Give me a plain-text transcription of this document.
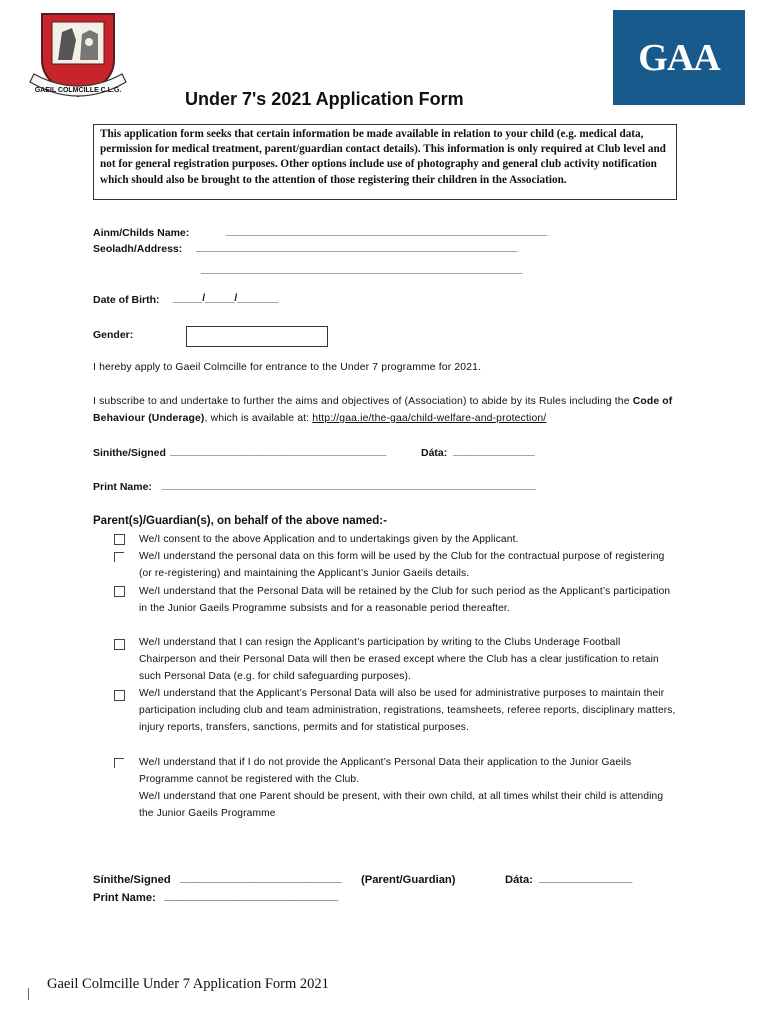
GAEIL COLMCILLE C.L.G.
GAA
Under 7's 2021 Application Form
This application form seeks that certain information be made available in relation to your child (e.g. medical data, permission for medical treatment, parent/guardian contact details). This information is only required at Club level and not for general registration purposes. Other options include use of photography and general club activity notification which should also be brought to the attention of those registering their children in the Association.
Ainm/Childs Name:	_______________________________________________________
Seoladh/Address: _______________________________________________________
_______________________________________________________
Date of Birth: _____/_____/_______
Gender:
I hereby apply to Gaeil Colmcille for entrance to the Under 7 programme for 2021.
I subscribe to and undertake to further the aims and objectives of (Association) to abide by its Rules including the Code of Behaviour (Underage), which is available at: http://gaa.ie/the-gaa/child-welfare-and-protection/
Sinithe/Signed _____________________________________	Dáta: ______________
Print Name: ________________________________________________________________
Parent(s)/Guardian(s), on behalf of the above named:-
We/I consent to the above Application and to undertakings given by the Applicant.
We/I understand the personal data on this form will be used by the Club for the contractual purpose of registering (or re-registering) and maintaining the Applicant’s Junior Gaeils details.
We/I understand that the Personal Data will be retained by the Club for such period as the Applicant’s participation in the Junior Gaeils Programme subsists and for a reasonable period thereafter.
We/I understand that I can resign the Applicant’s participation by writing to the Clubs Underage Football Chairperson and their Personal Data will then be erased except where the Club has a clear justification to retain such Personal Data (e.g. for child safeguarding purposes).
We/I understand that the Applicant’s Personal Data will also be used for administrative purposes to maintain their participation including club and team administration, registrations, teamsheets, referee reports, disciplinary matters, injury reports, transfers, sanctions, permits and for statistical purposes.
We/I understand that if I do not provide the Applicant’s Personal Data their application to the Junior Gaeils Programme cannot be registered with the Club.
We/I understand that one Parent should be present, with their own child, at all times whilst their child is attending the Junior Gaeils Programme
Sínithe/Signed __________________________ (Parent/Guardian)	Dáta: _______________
Print Name: ____________________________
Gaeil Colmcille Under 7 Application Form 2021
